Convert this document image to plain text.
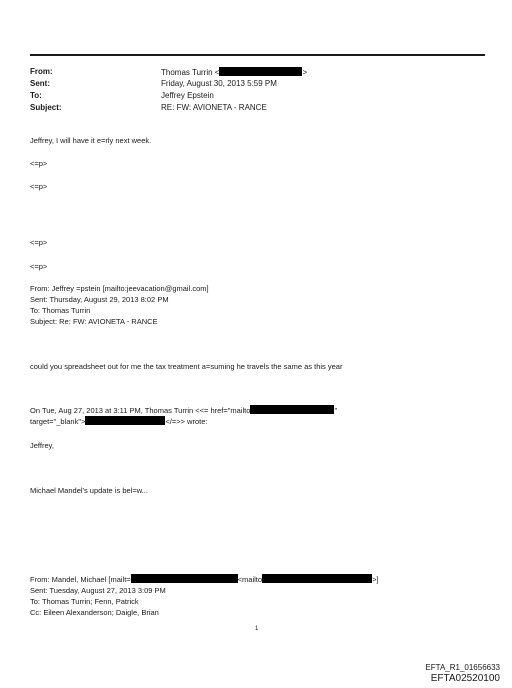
From:	Thomas Turrin <	>
Sent:	Friday, August 30, 2013 5:59 PM
To:	Jeffrey Epstein
Subject:	RE: FW: AVIONETA - RANCE
Jeffrey, I will have it e=rly next week.
<=p>
<=p>
<=p>
<=p>
From: Jeffrey =pstein [mailto:jeevacation@gmail.com]
Sent: Thursday, August 29, 2013 8:02 PM
To: Thomas Turrin
Subject: Re: FW: AVIONETA - RANCE
could you spreadsheet out for me the tax treatment a=suming he travels the same as this year
On Tue, Aug 27, 2013 at 3:11 PM, Thomas Turrin <<= href="mailto	"
target="_blank">	</=>> wrote:
Jeffrey,
Michael Mandel's update is bel=w...
From: Mandel, Michael [mailt=	<mailto	>]
Sent: Tuesday, August 27, 2013 3:09 PM
To: Thomas Turrin; Fenn, Patrick
Cc: Eileen Alexanderson; Daigle, Brian
1
EFTA_R1_01656633
EFTA02520100
